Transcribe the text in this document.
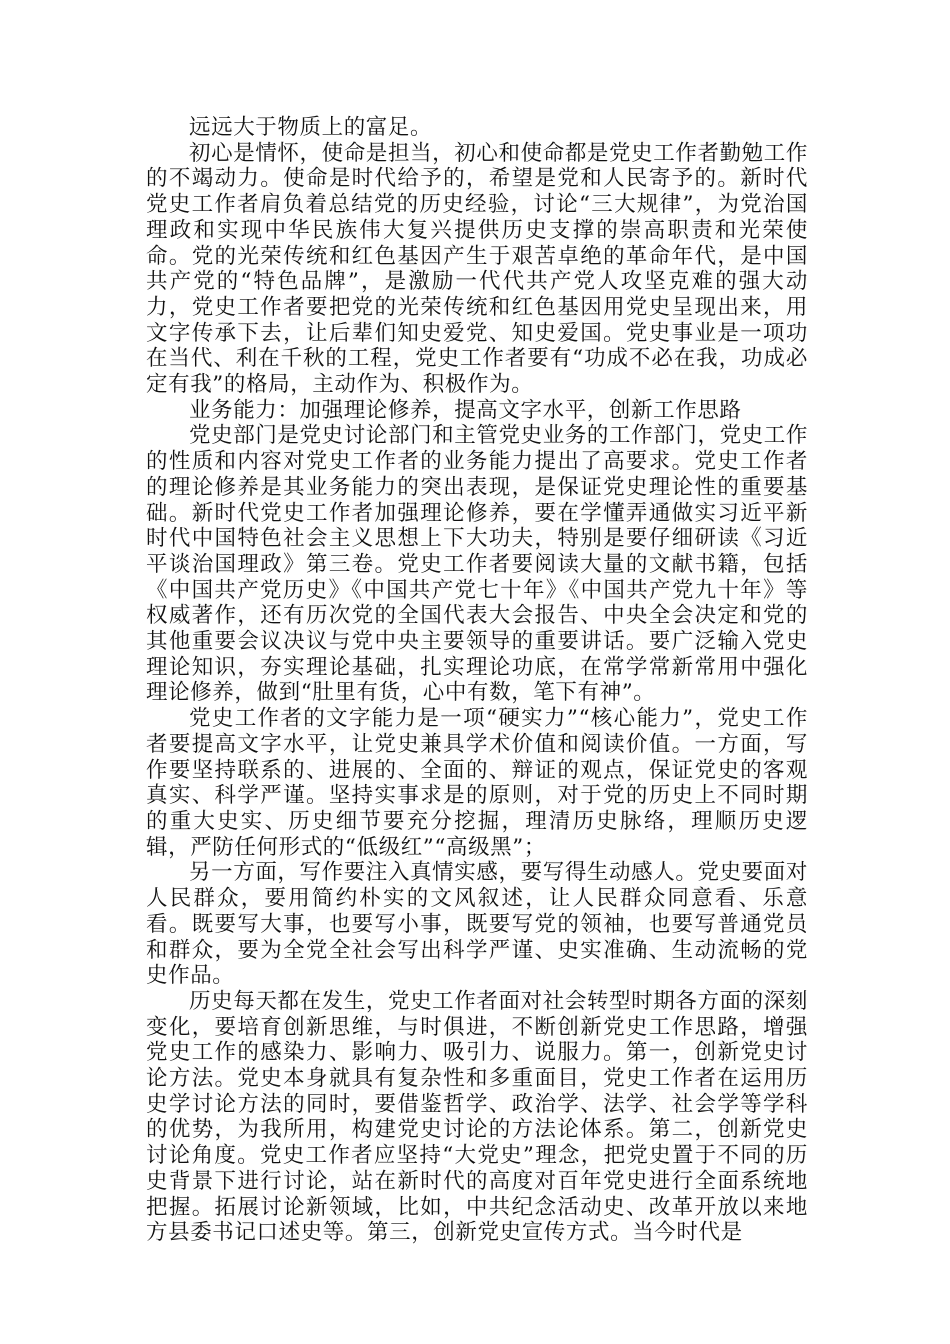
远远大于物质上的富足。

初心是情怀，使命是担当，初心和使命都是党史工作者勤勉工作的不竭动力。使命是时代给予的，希望是党和人民寄予的。新时代党史工作者肩负着总结党的历史经验，讨论“三大规律”，为党治国理政和实现中华民族伟大复兴提供历史支撑的崇高职责和光荣使命。党的光荣传统和红色基因产生于艰苦卓绝的革命年代，是中国共产党的“特色品牌”，是激励一代代共产党人攻坚克难的强大动力，党史工作者要把党的光荣传统和红色基因用党史呈现出来，用文字传承下去，让后辈们知史爱党、知史爱国。党史事业是一项功在当代、利在千秋的工程，党史工作者要有“功成不必在我，功成必定有我”的格局，主动作为、积极作为。

业务能力：加强理论修养，提高文字水平，创新工作思路

党史部门是党史讨论部门和主管党史业务的工作部门，党史工作的性质和内容对党史工作者的业务能力提出了高要求。党史工作者的理论修养是其业务能力的突出表现，是保证党史理论性的重要基础。新时代党史工作者加强理论修养，要在学懂弄通做实习近平新时代中国特色社会主义思想上下大功夫，特别是要仔细研读《习近平谈治国理政》第三卷。党史工作者要阅读大量的文献书籍，包括《中国共产党历史》《中国共产党七十年》《中国共产党九十年》等权威著作，还有历次党的全国代表大会报告、中央全会决定和党的其他重要会议决议与党中央主要领导的重要讲话。要广泛输入党史理论知识，夯实理论基础，扎实理论功底，在常学常新常用中强化理论修养，做到“肚里有货，心中有数，笔下有神”。

党史工作者的文字能力是一项“硬实力”“核心能力”，党史工作者要提高文字水平，让党史兼具学术价值和阅读价值。一方面，写作要坚持联系的、进展的、全面的、辩证的观点，保证党史的客观真实、科学严谨。坚持实事求是的原则，对于党的历史上不同时期的重大史实、历史细节要充分挖掘，理清历史脉络，理顺历史逻辑，严防任何形式的“低级红”“高级黑”；

另一方面，写作要注入真情实感，要写得生动感人。党史要面对人民群众，要用简约朴实的文风叙述，让人民群众同意看、乐意看。既要写大事，也要写小事，既要写党的领袖，也要写普通党员和群众，要为全党全社会写出科学严谨、史实准确、生动流畅的党史作品。

历史每天都在发生，党史工作者面对社会转型时期各方面的深刻变化，要培育创新思维，与时俱进，不断创新党史工作思路，增强党史工作的感染力、影响力、吸引力、说服力。第一，创新党史讨论方法。党史本身就具有复杂性和多重面目，党史工作者在运用历史学讨论方法的同时，要借鉴哲学、政治学、法学、社会学等学科的优势，为我所用，构建党史讨论的方法论体系。第二，创新党史讨论角度。党史工作者应坚持“大党史”理念，把党史置于不同的历史背景下进行讨论，站在新时代的高度对百年党史进行全面系统地把握。拓展讨论新领域，比如，中共纪念活动史、改革开放以来地方县委书记口述史等。第三，创新党史宣传方式。当今时代是
